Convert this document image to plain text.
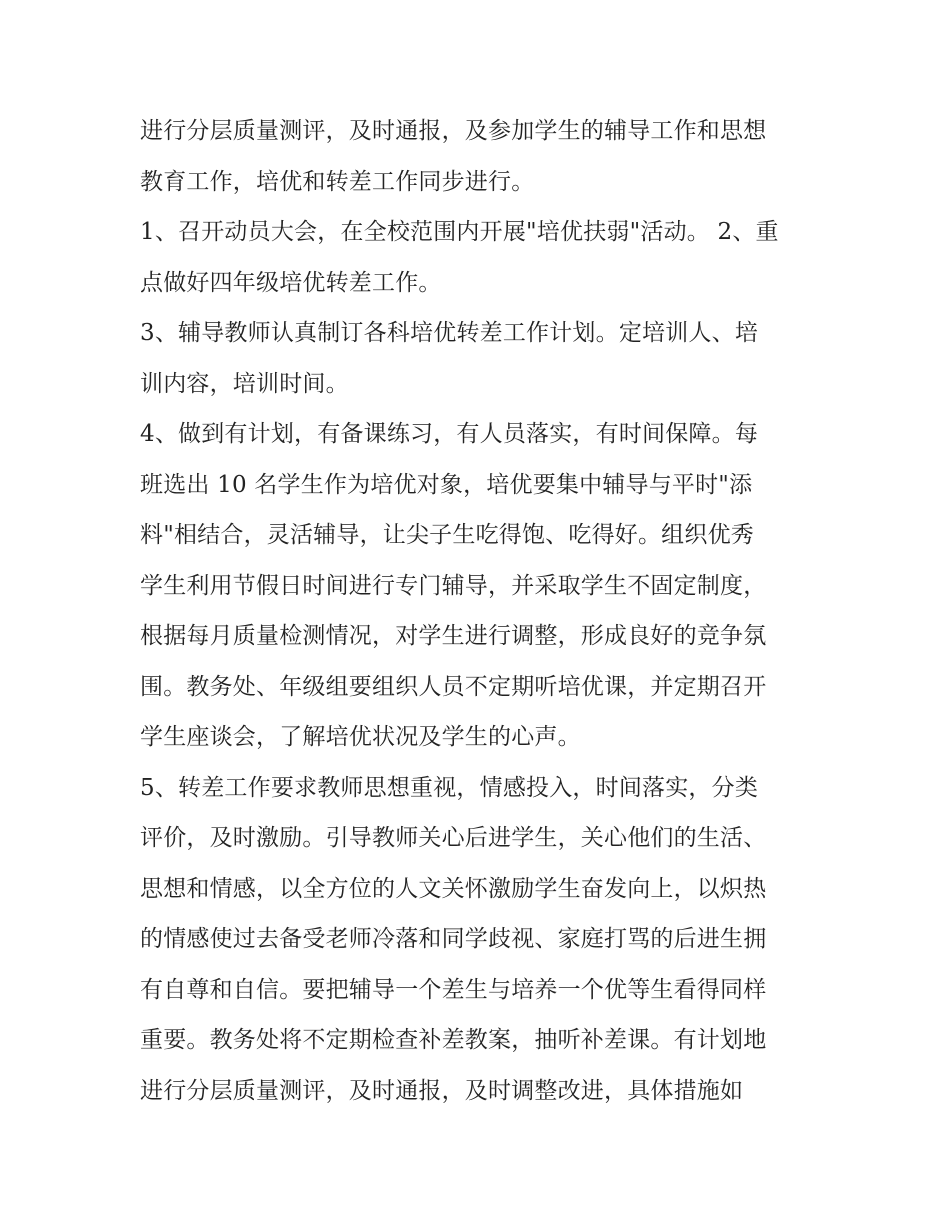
进行分层质量测评，及时通报，及参加学生的辅导工作和思想
教育工作，培优和转差工作同步进行。
1、召开动员大会，在全校范围内开展"培优扶弱"活动。 2、重
点做好四年级培优转差工作。
3、辅导教师认真制订各科培优转差工作计划。定培训人、培
训内容，培训时间。
4、做到有计划，有备课练习，有人员落实，有时间保障。每
班选出 10 名学生作为培优对象，培优要集中辅导与平时"添
料"相结合，灵活辅导，让尖子生吃得饱、吃得好。组织优秀
学生利用节假日时间进行专门辅导，并采取学生不固定制度，
根据每月质量检测情况，对学生进行调整，形成良好的竞争氛
围。教务处、年级组要组织人员不定期听培优课，并定期召开
学生座谈会，了解培优状况及学生的心声。
5、转差工作要求教师思想重视，情感投入，时间落实，分类
评价，及时激励。引导教师关心后进学生，关心他们的生活、
思想和情感，以全方位的人文关怀激励学生奋发向上，以炽热
的情感使过去备受老师冷落和同学歧视、家庭打骂的后进生拥
有自尊和自信。要把辅导一个差生与培养一个优等生看得同样
重要。教务处将不定期检查补差教案，抽听补差课。有计划地
进行分层质量测评，及时通报，及时调整改进，具体措施如
